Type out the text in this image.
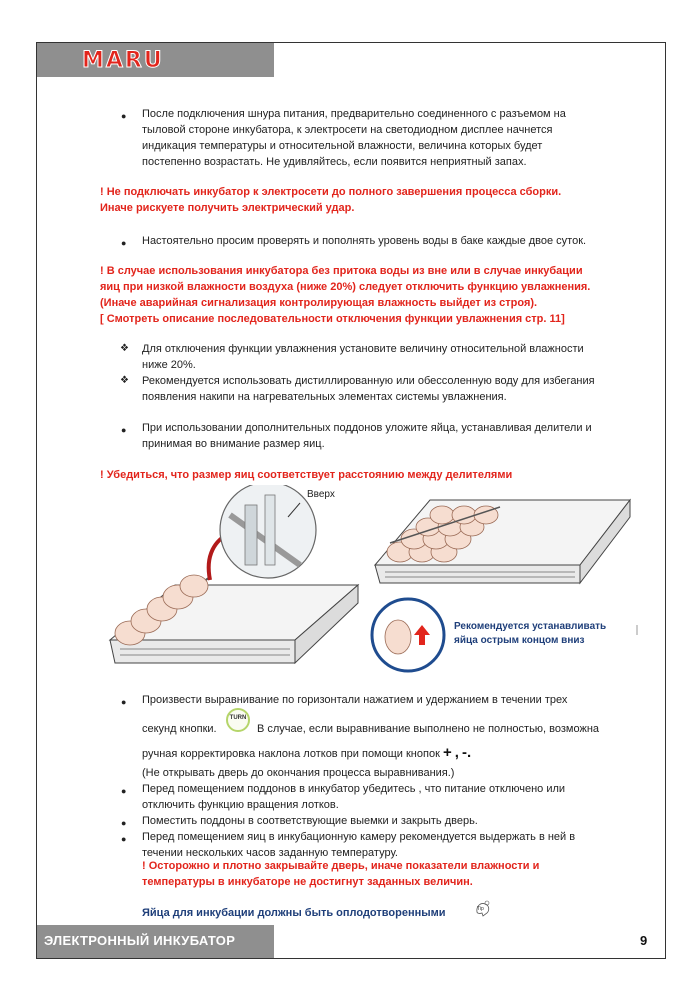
MARU
● После подключения шнура питания, предварительно соединенного с разъемом на
тыловой стороне инкубатора, к электросети на светодиодном дисплее начнется
индикация температуры и относительной влажности, величина которых будет
постепенно возрастать. Не удивляйтесь, если появится неприятный запах.
! Не подключать инкубатор к электросети до полного завершения процесса сборки.
Иначе рискуете получить электрический удар.
● Настоятельно просим проверять и пополнять уровень воды в баке каждые двое суток.
! В случае использования инкубатора без притока воды из вне или в случае инкубации
яиц при низкой влажности воздуха (ниже 20%) следует отключить функцию увлажнения.
(Иначе аварийная сигнализация контролирующая влажность выйдет из строя).
[ Смотреть описание последовательности отключения функции увлажнения стр. 11]
❖ Для отключения функции увлажнения установите величину относительной влажности
ниже 20%.
❖ Рекомендуется использовать дистиллированную или обессоленную воду для избегания
появления накипи на нагревательных элементах системы увлажнения.
● При использовании дополнительных поддонов уложите яйца, устанавливая делители и
принимая во внимание размер яиц.
! Убедиться, что размер яиц соответствует расстоянию между делителями
Вверх
Рекомендуется устанавливать
яйца острым концом вниз
● Произвести выравнивание по горизонтали нажатием и удержанием в течении трех
секунд кнопки.
TURN
В случае, если выравнивание выполнено не полностью, возможна
ручная корректировка наклона лотков при помощи кнопок + , -.
(Не открывать дверь до окончания процесса выравнивания.)
● Перед помещением поддонов в инкубатор убедитесь , что питание отключено или
отключить функцию вращения лотков.
● Поместить поддоны в соответствующие выемки и закрыть дверь.
● Перед помещением яиц в инкубационную камеру рекомендуется выдержать в ней в
течении нескольких часов заданную температуру.
! Осторожно и плотно закрывайте дверь, иначе показатели влажности и
температуры в инкубаторе не достигнут заданных величин.
Яйца для инкубации должны быть оплодотворенными	Tip
ЭЛЕКТРОННЫЙ ИНКУБАТОР	9
